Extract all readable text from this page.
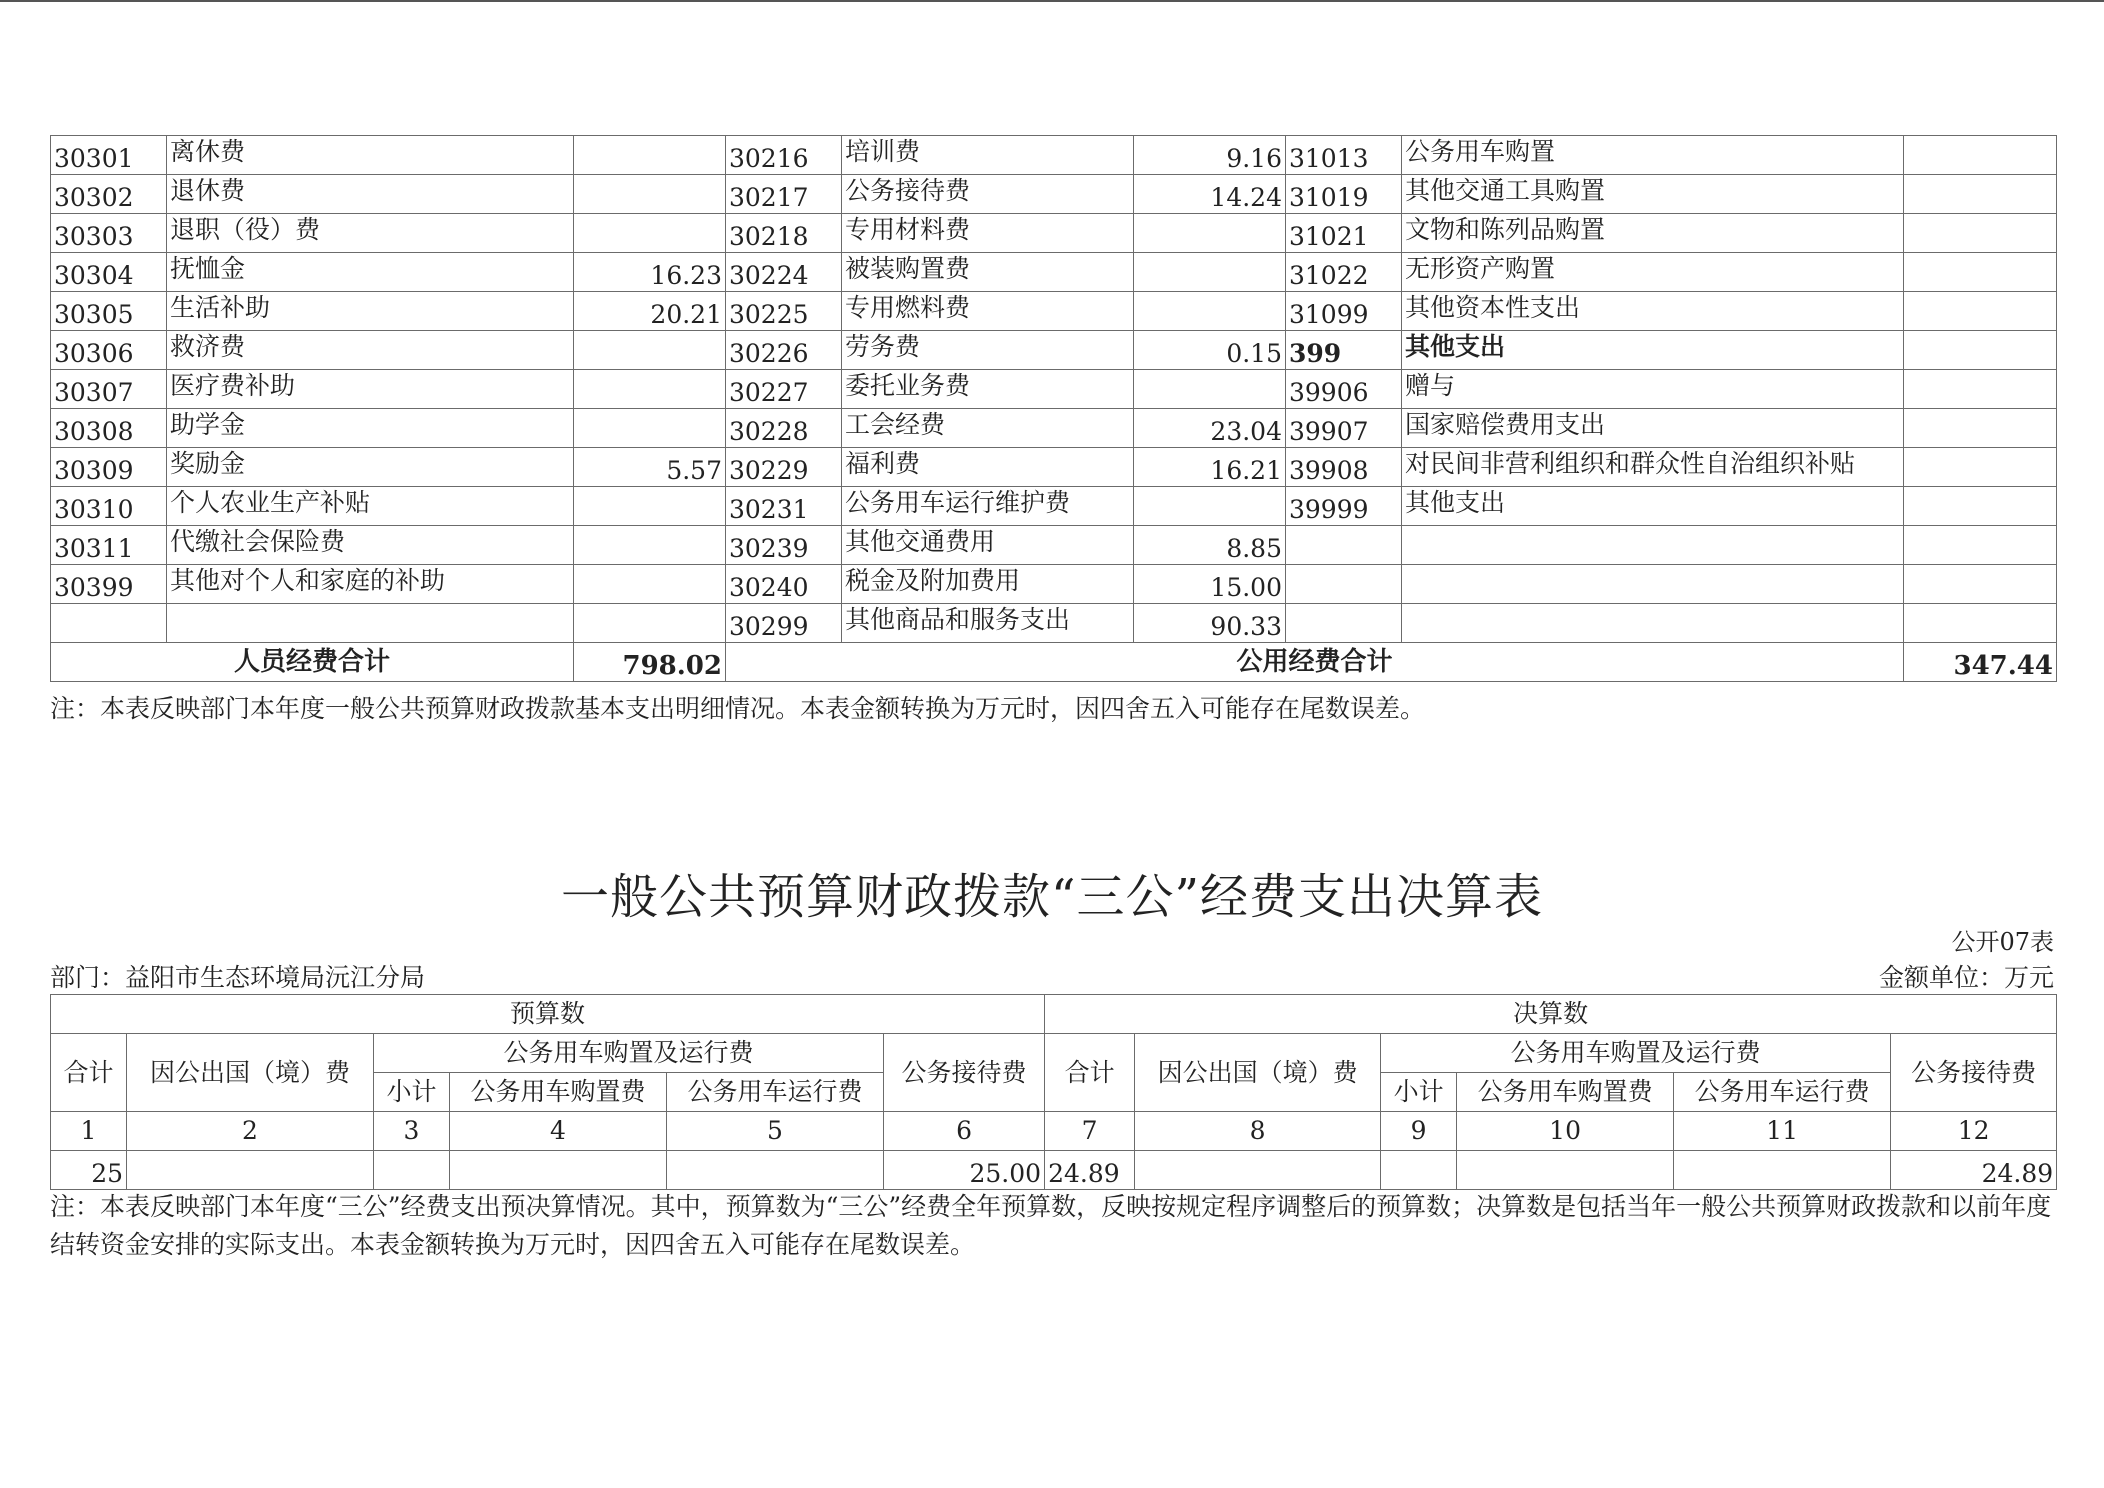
30301	离休费		30216	培训费	9.16	31013	公务用车购置	
30302	退休费		30217	公务接待费	14.24	31019	其他交通工具购置	
30303	退职（役）费		30218	专用材料费		31021	文物和陈列品购置	
30304	抚恤金	16.23	30224	被装购置费		31022	无形资产购置	
30305	生活补助	20.21	30225	专用燃料费		31099	其他资本性支出	
30306	救济费		30226	劳务费	0.15	399	其他支出	
30307	医疗费补助		30227	委托业务费		39906	赠与	
30308	助学金		30228	工会经费	23.04	39907	国家赔偿费用支出	
30309	奖励金	5.57	30229	福利费	16.21	39908	对民间非营利组织和群众性自治组织补贴	
30310	个人农业生产补贴		30231	公务用车运行维护费		39999	其他支出	
30311	代缴社会保险费		30239	其他交通费用	8.85			
30399	其他对个人和家庭的补助		30240	税金及附加费用	15.00			
			30299	其他商品和服务支出	90.33			
人员经费合计		798.02	公用经费合计					347.44
注：本表反映部门本年度一般公共预算财政拨款基本支出明细情况。本表金额转换为万元时，因四舍五入可能存在尾数误差。
一般公共预算财政拨款“三公”经费支出决算表
公开07表
部门：益阳市生态环境局沅江分局	金额单位：万元
预算数						决算数					
合计	因公出国（境）费	公务用车购置及运行费			公务接待费	合计	因公出国（境）费	公务用车购置及运行费			公务接待费
		小计	公务用车购置费	公务用车运行费				小计	公务用车购置费	公务用车运行费	
1	2	3	4	5	6	7	8	9	10	11	12
25					25.00	24.89					24.89
注：本表反映部门本年度“三公”经费支出预决算情况。其中，预算数为“三公”经费全年预算数，反映按规定程序调整后的预算数；决算数是包括当年一般公共预算财政拨款和以前年度结转资金安排的实际支出。本表金额转换为万元时，因四舍五入可能存在尾数误差。
